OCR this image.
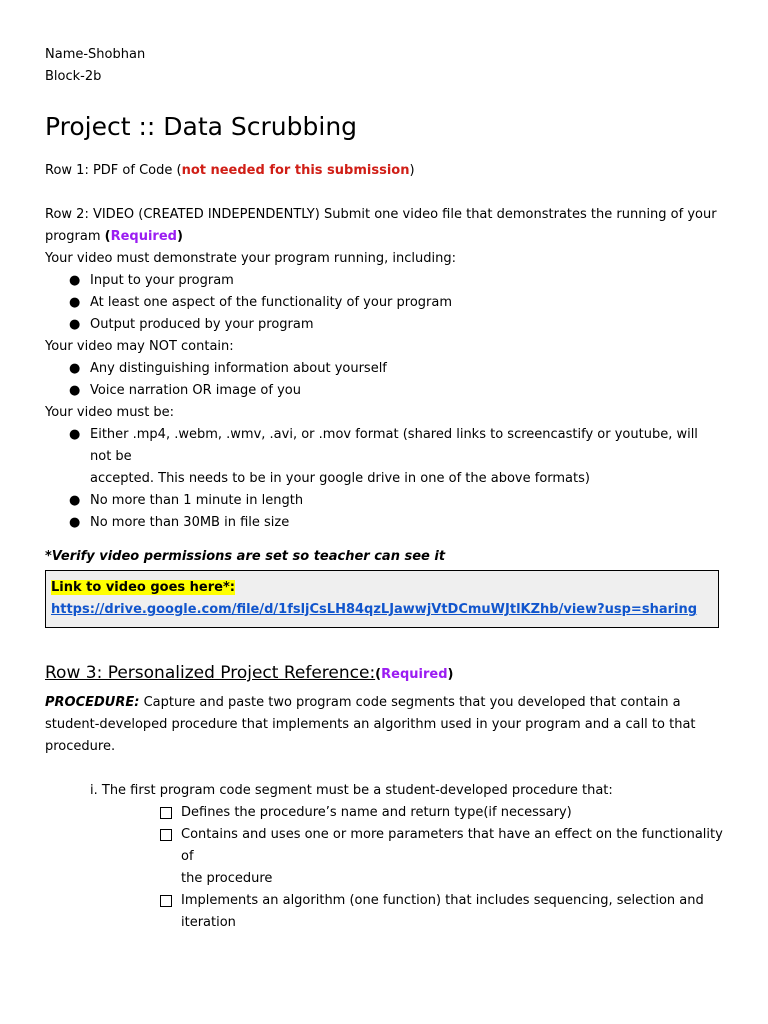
Name-Shobhan
Block-2b
Project :: Data Scrubbing
Row 1: PDF of Code (not needed for this submission)
Row 2: VIDEO (CREATED INDEPENDENTLY) Submit one video file that demonstrates the running of your
program (Required)
Your video must demonstrate your program running, including:
● Input to your program
● At least one aspect of the functionality of your program
● Output produced by your program
Your video may NOT contain:
● Any distinguishing information about yourself
● Voice narration OR image of you
Your video must be:
● Either .mp4, .webm, .wmv, .avi, or .mov format (shared links to screencastify or youtube, will not be
accepted. This needs to be in your google drive in one of the above formats)
● No more than 1 minute in length
● No more than 30MB in file size
*Verify video permissions are set so teacher can see it
Link to video goes here*:
https://drive.google.com/file/d/1fsljCsLH84qzLJawwjVtDCmuWJtlKZhb/view?usp=sharing
Row 3: Personalized Project Reference:(Required)
PROCEDURE: Capture and paste two program code segments that you developed that contain a
student-developed procedure that implements an algorithm used in your program and a call to that
procedure.
i. The first program code segment must be a student-developed procedure that:
Defines the procedure’s name and return type(if necessary)
Contains and uses one or more parameters that have an effect on the functionality of
the procedure
Implements an algorithm (one function) that includes sequencing, selection and
iteration
